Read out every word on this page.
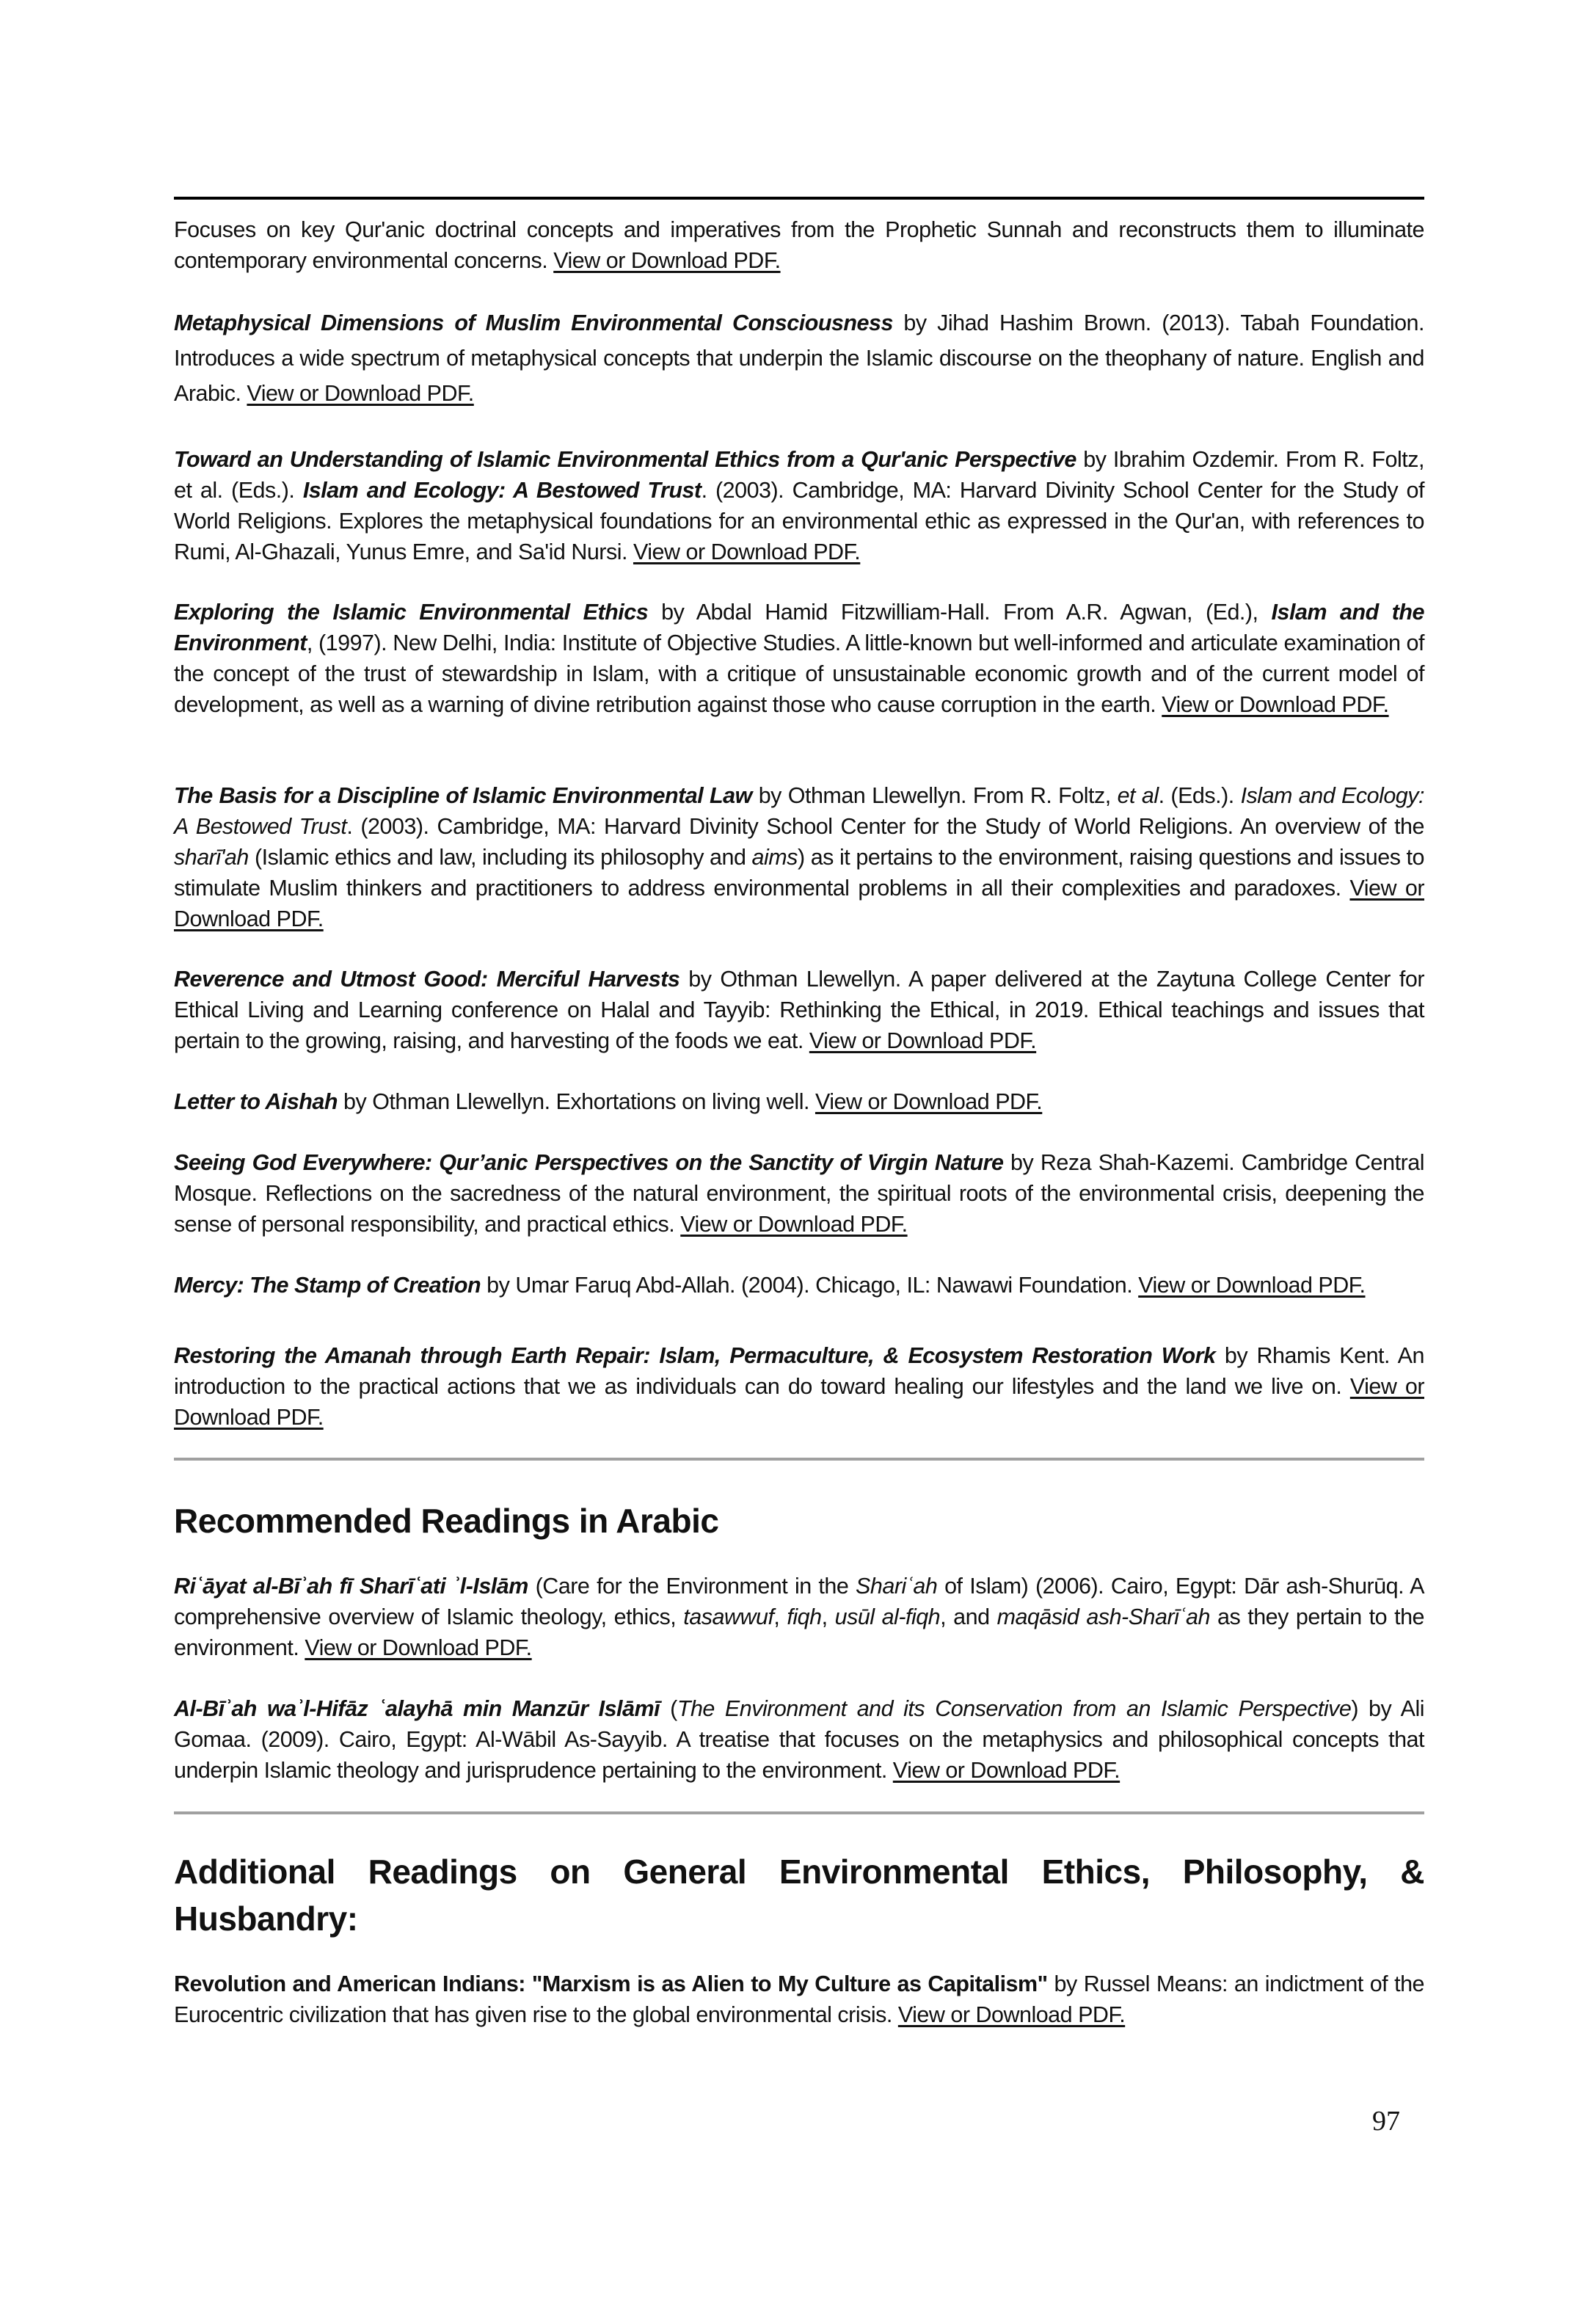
Focuses on key Qur'anic doctrinal concepts and imperatives from the Prophetic Sunnah and reconstructs them to illuminate contemporary environmental concerns. View or Download PDF.

Metaphysical Dimensions of Muslim Environmental Consciousness by Jihad Hashim Brown. (2013). Tabah Foundation. Introduces a wide spectrum of metaphysical concepts that underpin the Islamic discourse on the theophany of nature. English and Arabic. View or Download PDF.

Toward an Understanding of Islamic Environmental Ethics from a Qur'anic Perspective by Ibrahim Ozdemir. From R. Foltz, et al. (Eds.). Islam and Ecology: A Bestowed Trust. (2003). Cambridge, MA: Harvard Divinity School Center for the Study of World Religions. Explores the metaphysical foundations for an environmental ethic as expressed in the Qur'an, with references to Rumi, Al-Ghazali, Yunus Emre, and Sa'id Nursi. View or Download PDF.

Exploring the Islamic Environmental Ethics by Abdal Hamid Fitzwilliam-Hall. From A.R. Agwan, (Ed.), Islam and the Environment, (1997). New Delhi, India: Institute of Objective Studies. A little-known but well-informed and articulate examination of the concept of the trust of stewardship in Islam, with a critique of unsustainable economic growth and of the current model of development, as well as a warning of divine retribution against those who cause corruption in the earth. View or Download PDF.

The Basis for a Discipline of Islamic Environmental Law by Othman Llewellyn. From R. Foltz, et al. (Eds.). Islam and Ecology: A Bestowed Trust. (2003). Cambridge, MA: Harvard Divinity School Center for the Study of World Religions. An overview of the sharī'ah (Islamic ethics and law, including its philosophy and aims) as it pertains to the environment, raising questions and issues to stimulate Muslim thinkers and practitioners to address environmental problems in all their complexities and paradoxes. View or Download PDF.

Reverence and Utmost Good: Merciful Harvests by Othman Llewellyn. A paper delivered at the Zaytuna College Center for Ethical Living and Learning conference on Halal and Tayyib: Rethinking the Ethical, in 2019. Ethical teachings and issues that pertain to the growing, raising, and harvesting of the foods we eat. View or Download PDF.

Letter to Aishah by Othman Llewellyn. Exhortations on living well. View or Download PDF.

Seeing God Everywhere: Qur’anic Perspectives on the Sanctity of Virgin Nature by Reza Shah-Kazemi. Cambridge Central Mosque. Reflections on the sacredness of the natural environment, the spiritual roots of the environmental crisis, deepening the sense of personal responsibility, and practical ethics. View or Download PDF.

Mercy: The Stamp of Creation by Umar Faruq Abd-Allah. (2004). Chicago, IL: Nawawi Foundation. View or Download PDF.

Restoring the Amanah through Earth Repair: Islam, Permaculture, & Ecosystem Restoration Work by Rhamis Kent. An introduction to the practical actions that we as individuals can do toward healing our lifestyles and the land we live on. View or Download PDF.

Recommended Readings in Arabic

Riʿāyat al-Bīʾah fī Sharīʿati ʾl-Islām (Care for the Environment in the Shariʿah of Islam) (2006). Cairo, Egypt: Dār ash-Shurūq. A comprehensive overview of Islamic theology, ethics, tasawwuf, fiqh, usūl al-fiqh, and maqāsid ash-Sharīʿah as they pertain to the environment. View or Download PDF.

Al-Bīʾah waʾl-Hifāz ʿalayhā min Manzūr Islāmī (The Environment and its Conservation from an Islamic Perspective) by Ali Gomaa. (2009). Cairo, Egypt: Al-Wābil As-Sayyib. A treatise that focuses on the metaphysics and philosophical concepts that underpin Islamic theology and jurisprudence pertaining to the environment. View or Download PDF.

Additional Readings on General Environmental Ethics, Philosophy, & Husbandry:

Revolution and American Indians: "Marxism is as Alien to My Culture as Capitalism" by Russel Means: an indictment of the Eurocentric civilization that has given rise to the global environmental crisis. View or Download PDF.

97
